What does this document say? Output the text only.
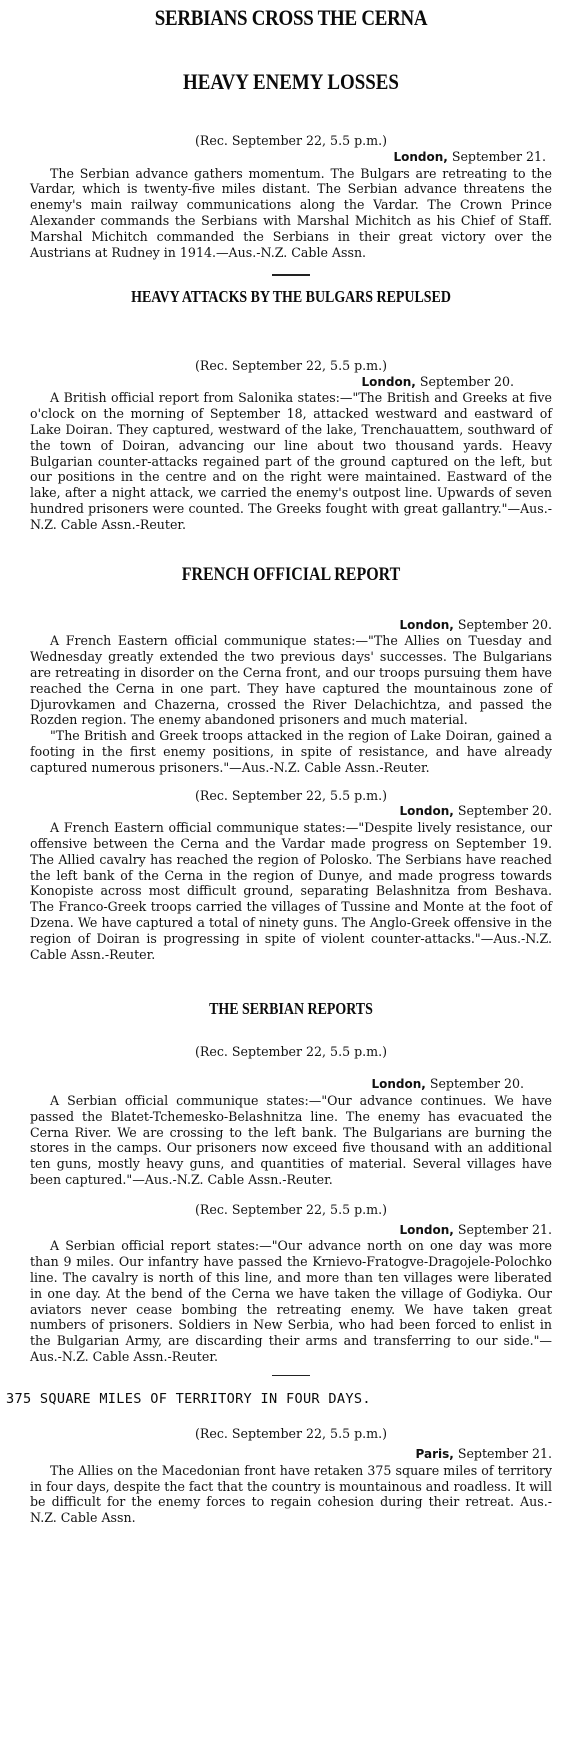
SERBIANS CROSS THE CERNA
HEAVY ENEMY LOSSES

(Rec. September 22, 5.5 p.m.)

London, September 21.

The Serbian advance gathers momentum. The Bulgars are retreating to the Vardar, which is twenty-five miles distant. The Serbian advance threatens the enemy's main railway communications along the Vardar. The Crown Prince Alexander commands the Serbians with Marshal Michitch as his Chief of Staff. Marshal Michitch commanded the Serbians in their great victory over the Austrians at Rudney in 1914.—Aus.-N.Z. Cable Assn.

HEAVY ATTACKS BY THE BULGARS REPULSED

(Rec. September 22, 5.5 p.m.)

London, September 20.

A British official report from Salonika states:—"The British and Greeks at five o'clock on the morning of September 18, attacked westward and eastward of Lake Doiran. They captured, westward of the lake, Trenchauattem, southward of the town of Doiran, advancing our line about two thousand yards. Heavy Bulgarian counter-attacks regained part of the ground captured on the left, but our positions in the centre and on the right were maintained. Eastward of the lake, after a night attack, we carried the enemy's outpost line. Upwards of seven hundred prisoners were counted. The Greeks fought with great gallantry."—Aus.-N.Z. Cable Assn.-Reuter.

FRENCH OFFICIAL REPORT

London, September 20.

A French Eastern official communique states:—"The Allies on Tuesday and Wednesday greatly extended the two previous days' successes. The Bulgarians are retreating in disorder on the Cerna front, and our troops pursuing them have reached the Cerna in one part. They have captured the mountainous zone of Djurovkamen and Chazerna, crossed the River Delachichtza, and passed the Rozden region. The enemy abandoned prisoners and much material.

"The British and Greek troops attacked in the region of Lake Doiran, gained a footing in the first enemy positions, in spite of resistance, and have already captured numerous prisoners."—Aus.-N.Z. Cable Assn.-Reuter.

(Rec. September 22, 5.5 p.m.)

London, September 20.

A French Eastern official communique states:—"Despite lively resistance, our offensive between the Cerna and the Vardar made progress on September 19. The Allied cavalry has reached the region of Polosko. The Serbians have reached the left bank of the Cerna in the region of Dunye, and made progress towards Konopiste across most difficult ground, separating Belashnitza from Beshava. The Franco-Greek troops carried the villages of Tussine and Monte at the foot of Dzena. We have captured a total of ninety guns. The Anglo-Greek offensive in the region of Doiran is progressing in spite of violent counter-attacks."—Aus.-N.Z. Cable Assn.-Reuter.

THE SERBIAN REPORTS

(Rec. September 22, 5.5 p.m.)

London, September 20.

A Serbian official communique states:—"Our advance continues. We have passed the Blatet-Tchemesko-Belashnitza line. The enemy has evacuated the Cerna River. We are crossing to the left bank. The Bulgarians are burning the stores in the camps. Our prisoners now exceed five thousand with an additional ten guns, mostly heavy guns, and quantities of material. Several villages have been captured."—Aus.-N.Z. Cable Assn.-Reuter.

(Rec. September 22, 5.5 p.m.)

London, September 21.

A Serbian official report states:—"Our advance north on one day was more than 9 miles. Our infantry have passed the Krnievo-Fratogve-Dragojele-Polochko line. The cavalry is north of this line, and more than ten villages were liberated in one day. At the bend of the Cerna we have taken the village of Godiyka. Our aviators never cease bombing the retreating enemy. We have taken great numbers of prisoners. Soldiers in New Serbia, who had been forced to enlist in the Bulgarian Army, are discarding their arms and transferring to our side."—Aus.-N.Z. Cable Assn.-Reuter.

375 SQUARE MILES OF TERRITORY IN FOUR DAYS.

(Rec. September 22, 5.5 p.m.)

Paris, September 21.

The Allies on the Macedonian front have retaken 375 square miles of territory in four days, despite the fact that the country is mountainous and roadless. It will be difficult for the enemy forces to regain cohesion during their retreat. Aus.-N.Z. Cable Assn.
